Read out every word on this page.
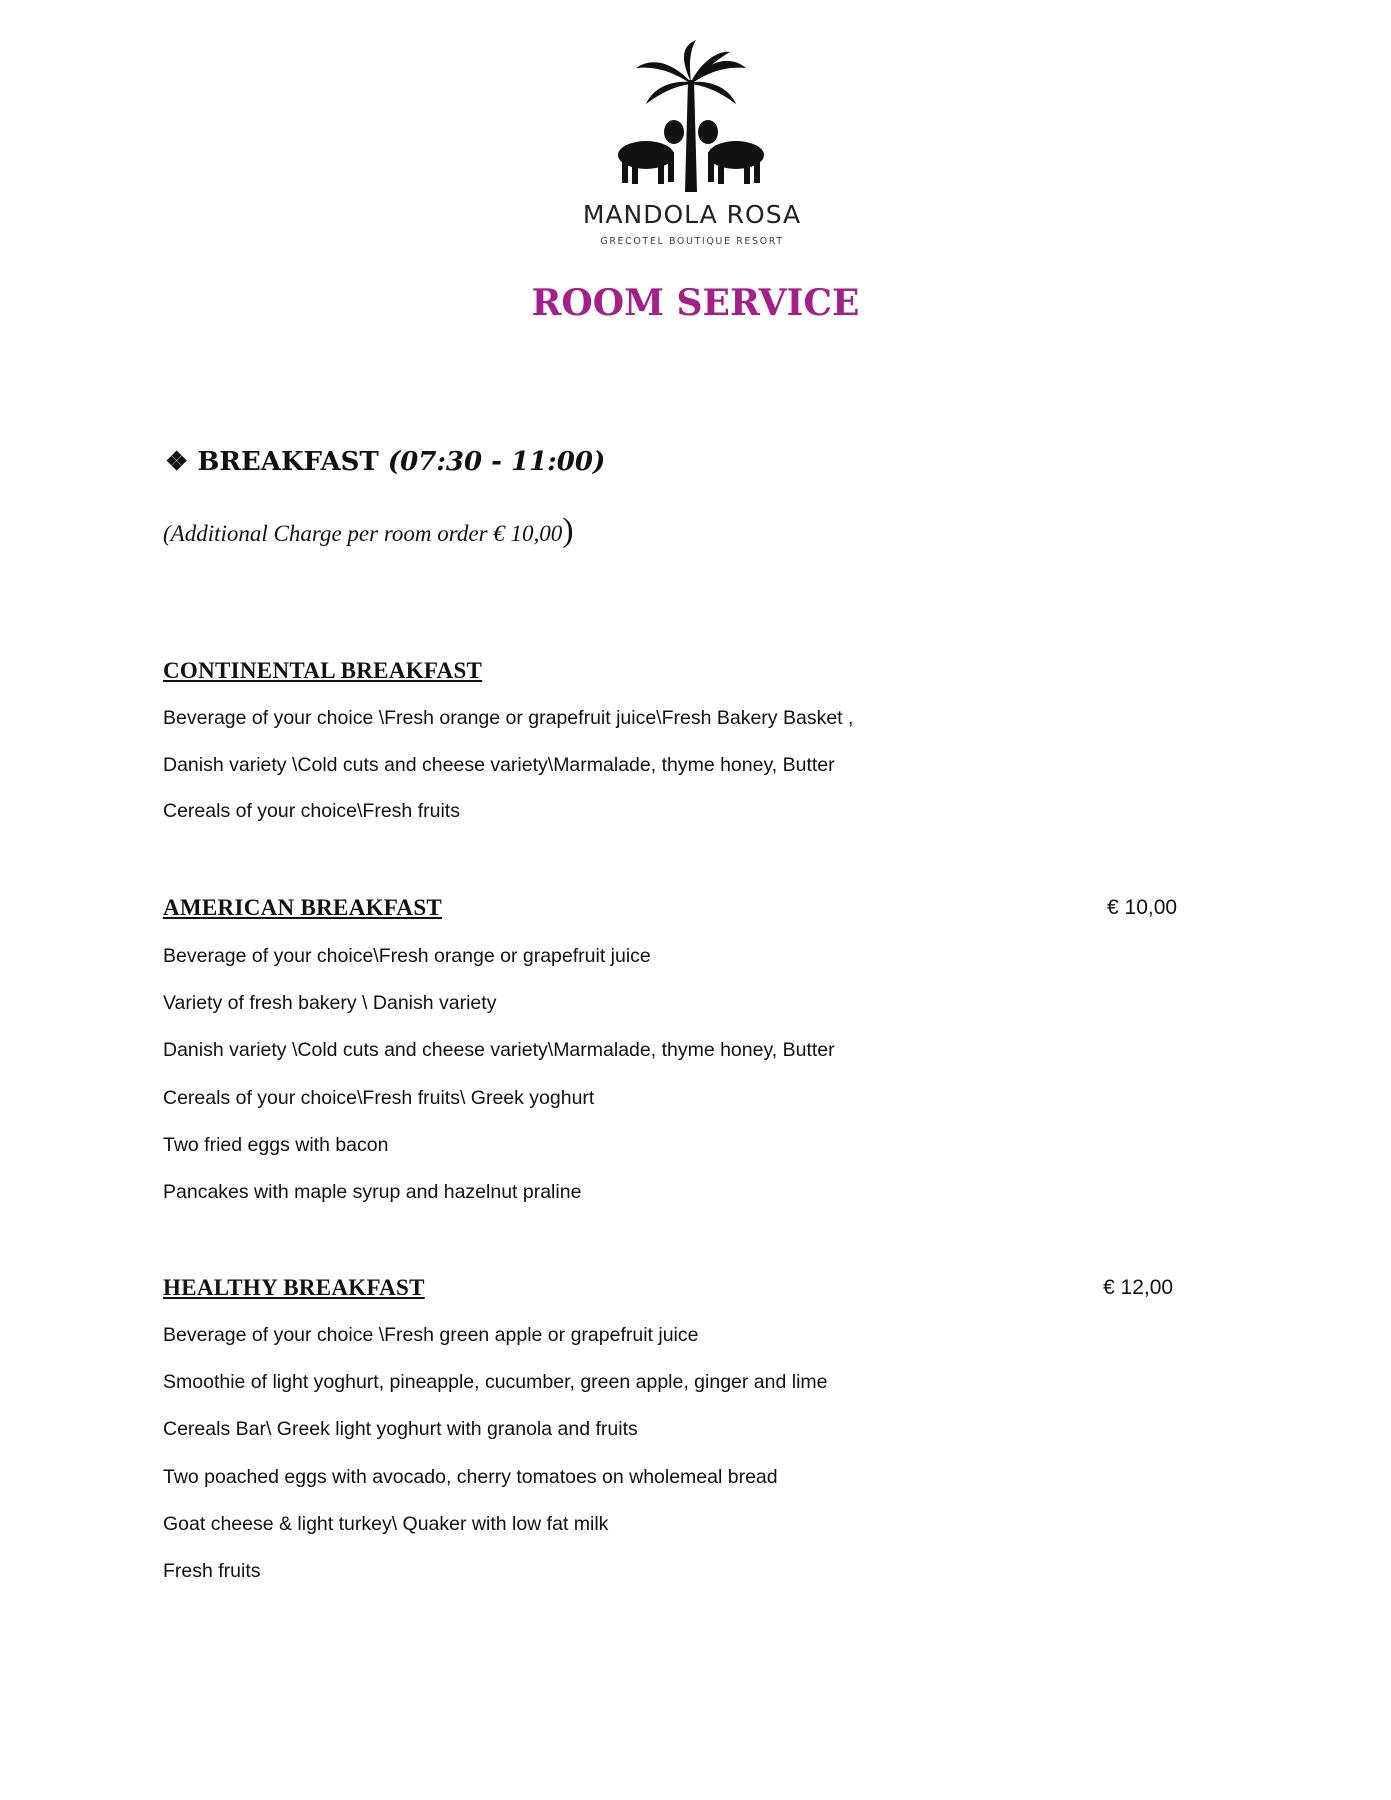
MANDOLA ROSA
GRECOTEL BOUTIQUE RESORT
ROOM SERVICE
❖ BREAKFAST (07:30 - 11:00)
(Additional Charge per room order € 10,00)
CONTINENTAL BREAKFAST
Beverage of your choice \Fresh orange or grapefruit juice\Fresh Bakery Basket ,
Danish variety \Cold cuts and cheese variety\Marmalade, thyme honey, Butter
Cereals of your choice\Fresh fruits
AMERICAN BREAKFAST	€ 10,00
Beverage of your choice\Fresh orange or grapefruit juice
Variety of fresh bakery \ Danish variety
Danish variety \Cold cuts and cheese variety\Marmalade, thyme honey, Butter
Cereals of your choice\Fresh fruits\ Greek yoghurt
Two fried eggs with bacon
Pancakes with maple syrup and hazelnut praline
HEALTHY BREAKFAST	€ 12,00
Beverage of your choice \Fresh green apple or grapefruit juice
Smoothie of light yoghurt, pineapple, cucumber, green apple, ginger and lime
Cereals Bar\ Greek light yoghurt with granola and fruits
Two poached eggs with avocado, cherry tomatoes on wholemeal bread
Goat cheese & light turkey\ Quaker with low fat milk
Fresh fruits
